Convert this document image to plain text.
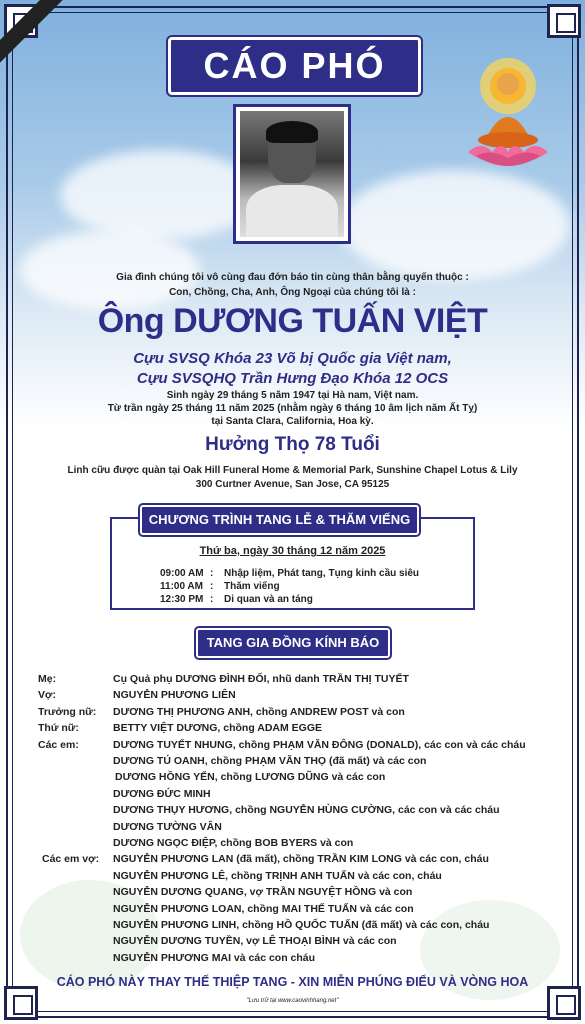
CÁO PHÓ
Gia đình chúng tôi vô cùng đau đớn báo tin cùng thân bằng quyến thuộc :
Con, Chồng, Cha, Anh, Ông Ngoại của chúng tôi là :
Ông DƯƠNG TUẤN VIỆT
Cựu SVSQ Khóa 23 Võ bị Quốc gia Việt nam,
Cựu SVSQHQ Trần Hưng Đạo Khóa 12 OCS
Sinh ngày 29 tháng 5 năm 1947 tại Hà nam, Việt nam.
Từ trần ngày 25 tháng 11 năm 2025 (nhằm ngày 6 tháng 10 âm lịch năm Ất Tỵ)
tại Santa Clara, California, Hoa kỳ.
Hưởng Thọ 78 Tuổi
Linh cữu được quàn tại Oak Hill Funeral Home & Memorial Park, Sunshine Chapel Lotus & Lily
300 Curtner Avenue, San Jose, CA 95125
Thứ ba, ngày 30 tháng 12 năm 2025
09:00 AM : Nhập liệm, Phát tang, Tụng kinh cầu siêu
11:00 AM : Thăm viếng
12:30 PM : Di quan và an táng
CHƯƠNG TRÌNH TANG LỄ & THĂM VIẾNG
TANG GIA ĐỒNG KÍNH BÁO
Mẹ:	Cụ Quả phụ DƯƠNG ĐÌNH ĐỐI, nhũ danh TRẦN THỊ TUYẾT
Vợ:	NGUYỄN PHƯƠNG LIÊN
Trưởng nữ: DƯƠNG THỊ PHƯƠNG ANH, chồng ANDREW POST và con
Thứ nữ:	BETTY VIỆT DƯƠNG, chồng ADAM EGGE
Các em:	DƯƠNG TUYẾT NHUNG, chồng PHẠM VĂN ĐÔNG (DONALD), các con và các cháu
DƯƠNG TÚ OANH, chồng PHẠM VĂN THỌ (đã mất) và các con
DƯƠNG HỒNG YẾN, chồng LƯƠNG DŨNG và các con
DƯƠNG ĐỨC MINH
DƯƠNG THỤY HƯƠNG, chồng NGUYỄN HÙNG CƯỜNG, các con và các cháu
DƯƠNG TƯỜNG VÂN
DƯƠNG NGỌC ĐIỆP, chồng BOB BYERS và con
Các em vợ: NGUYỄN PHƯƠNG LAN (đã mất), chồng TRẦN KIM LONG và các con, cháu
NGUYỄN PHƯƠNG LÊ, chồng TRỊNH ANH TUẤN và các con, cháu
NGUYỄN DƯƠNG QUANG, vợ TRẦN NGUYỆT HỒNG và con
NGUYỄN PHƯƠNG LOAN, chồng MAI THẾ TUẤN và các con
NGUYỄN PHƯƠNG LINH, chồng HỒ QUỐC TUẤN (đã mất) và các con, cháu
NGUYỄN DƯƠNG TUYỀN, vợ LÊ THOẠI BÌNH và các con
NGUYỄN PHƯƠNG MAI và các con cháu
CÁO PHÓ NÀY THAY THẾ THIỆP TANG - XIN MIỄN PHÚNG ĐIẾU VÀ VÒNG HOA
"Lưu trữ tại www.caovinhhang.net"
